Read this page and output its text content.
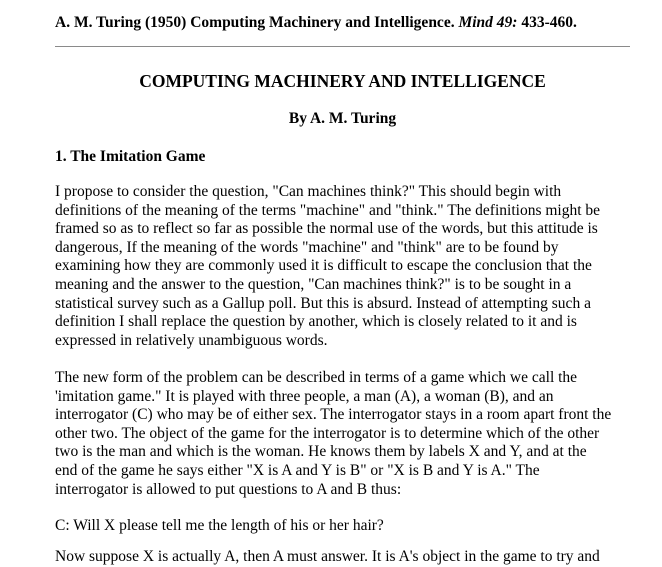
A. M. Turing (1950) Computing Machinery and Intelligence. Mind 49: 433-460.
COMPUTING MACHINERY AND INTELLIGENCE
By A. M. Turing
1. The Imitation Game
I propose to consider the question, "Can machines think?" This should begin with
definitions of the meaning of the terms "machine" and "think." The definitions might be
framed so as to reflect so far as possible the normal use of the words, but this attitude is
dangerous, If the meaning of the words "machine" and "think" are to be found by
examining how they are commonly used it is difficult to escape the conclusion that the
meaning and the answer to the question, "Can machines think?" is to be sought in a
statistical survey such as a Gallup poll. But this is absurd. Instead of attempting such a
definition I shall replace the question by another, which is closely related to it and is
expressed in relatively unambiguous words.
The new form of the problem can be described in terms of a game which we call the
'imitation game." It is played with three people, a man (A), a woman (B), and an
interrogator (C) who may be of either sex. The interrogator stays in a room apart front the
other two. The object of the game for the interrogator is to determine which of the other
two is the man and which is the woman. He knows them by labels X and Y, and at the
end of the game he says either "X is A and Y is B" or "X is B and Y is A." The
interrogator is allowed to put questions to A and B thus:
C: Will X please tell me the length of his or her hair?
Now suppose X is actually A, then A must answer. It is A's object in the game to try and
